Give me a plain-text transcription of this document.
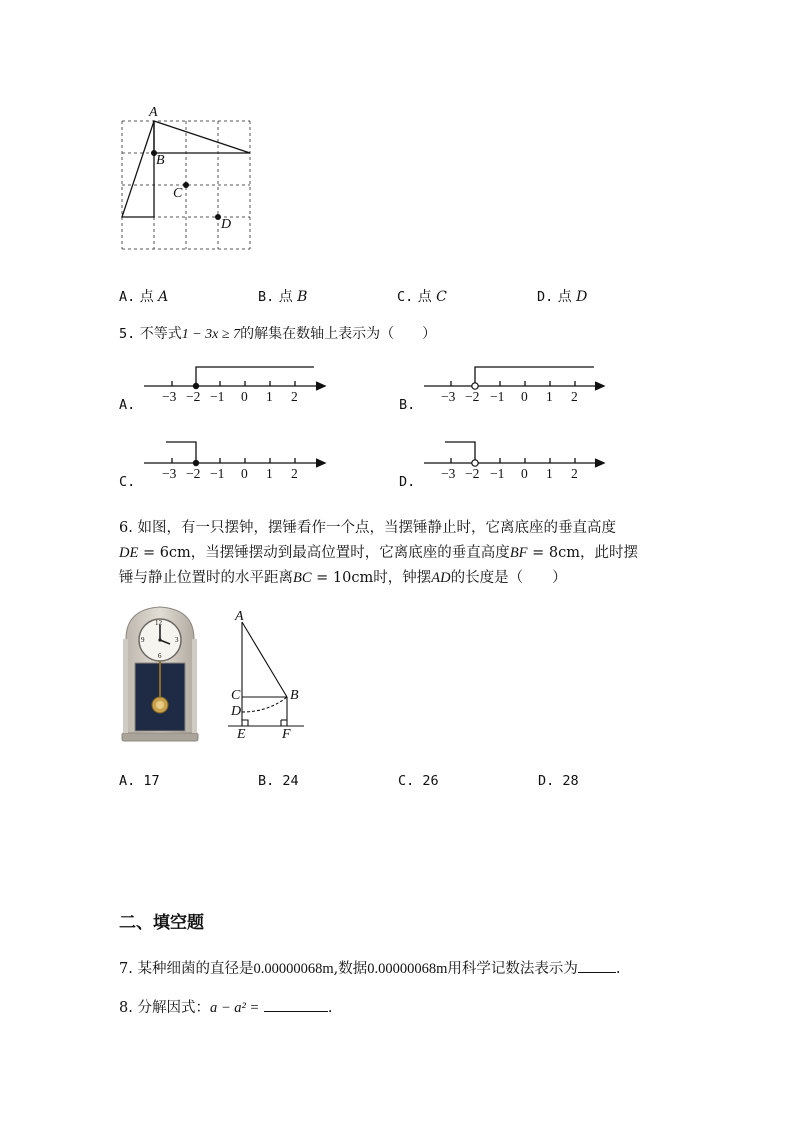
A
B
C
D
A. 点 A	B. 点 B	C. 点 C	D. 点 D
5. 不等式1 − 3x ≥ 7的解集在数轴上表示为（　　）
A.
−3 −2 −1 0 1 2
B.
−3 −2 −1 0 1 2
C.
−3 −2 −1 0 1 2
D.
−3 −2 −1 0 1 2
6. 如图，有一只摆钟，摆锤看作一个点，当摆锤静止时，它离底座的垂直高度
DE = 6cm，当摆锤摆动到最高位置时，它离底座的垂直高度BF = 8cm，此时摆
锤与静止位置时的水平距离BC = 10cm时，钟摆AD的长度是（　　）
12
3
6
9
A
C	B
D
E	F
A. 17	B. 24	C. 26	D. 28
二、填空题
7. 某种细菌的直径是0.00000068m,数据0.00000068m用科学记数法表示为	.
8. 分解因式：a − a² =	.
